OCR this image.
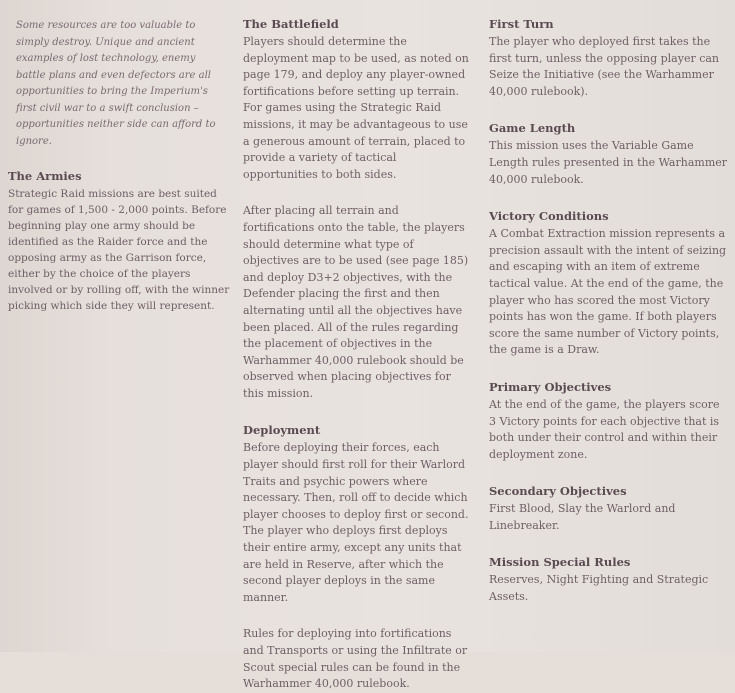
Some resources are too valuable to simply destroy. Unique and ancient examples of lost technology, enemy battle plans and even defectors are all opportunities to bring the Imperium's first civil war to a swift conclusion – opportunities neither side can afford to ignore.
The Armies

Strategic Raid missions are best suited for games of 1,500 - 2,000 points. Before beginning play one army should be identified as the Raider force and the opposing army as the Garrison force, either by the choice of the players involved or by rolling off, with the winner picking which side they will represent.

The Battlefield

Players should determine the deployment map to be used, as noted on page 179, and deploy any player-owned fortifications before setting up terrain. For games using the Strategic Raid missions, it may be advantageous to use a generous amount of terrain, placed to provide a variety of tactical opportunities to both sides.

After placing all terrain and fortifications onto the table, the players should determine what type of objectives are to be used (see page 185) and deploy D3+2 objectives, with the Defender placing the first and then alternating until all the objectives have been placed. All of the rules regarding the placement of objectives in the Warhammer 40,000 rulebook should be observed when placing objectives for this mission.

Deployment

Before deploying their forces, each player should first roll for their Warlord Traits and psychic powers where necessary. Then, roll off to decide which player chooses to deploy first or second. The player who deploys first deploys their entire army, except any units that are held in Reserve, after which the second player deploys in the same manner.

Rules for deploying into fortifications and Transports or using the Infiltrate or Scout special rules can be found in the Warhammer 40,000 rulebook.

First Turn

The player who deployed first takes the first turn, unless the opposing player can Seize the Initiative (see the Warhammer 40,000 rulebook).

Game Length

This mission uses the Variable Game Length rules presented in the Warhammer 40,000 rulebook.

Victory Conditions

A Combat Extraction mission represents a precision assault with the intent of seizing and escaping with an item of extreme tactical value. At the end of the game, the player who has scored the most Victory points has won the game. If both players score the same number of Victory points, the game is a Draw.

Primary Objectives

At the end of the game, the players score 3 Victory points for each objective that is both under their control and within their deployment zone.

Secondary Objectives

First Blood, Slay the Warlord and Linebreaker.

Mission Special Rules

Reserves, Night Fighting and Strategic Assets.
